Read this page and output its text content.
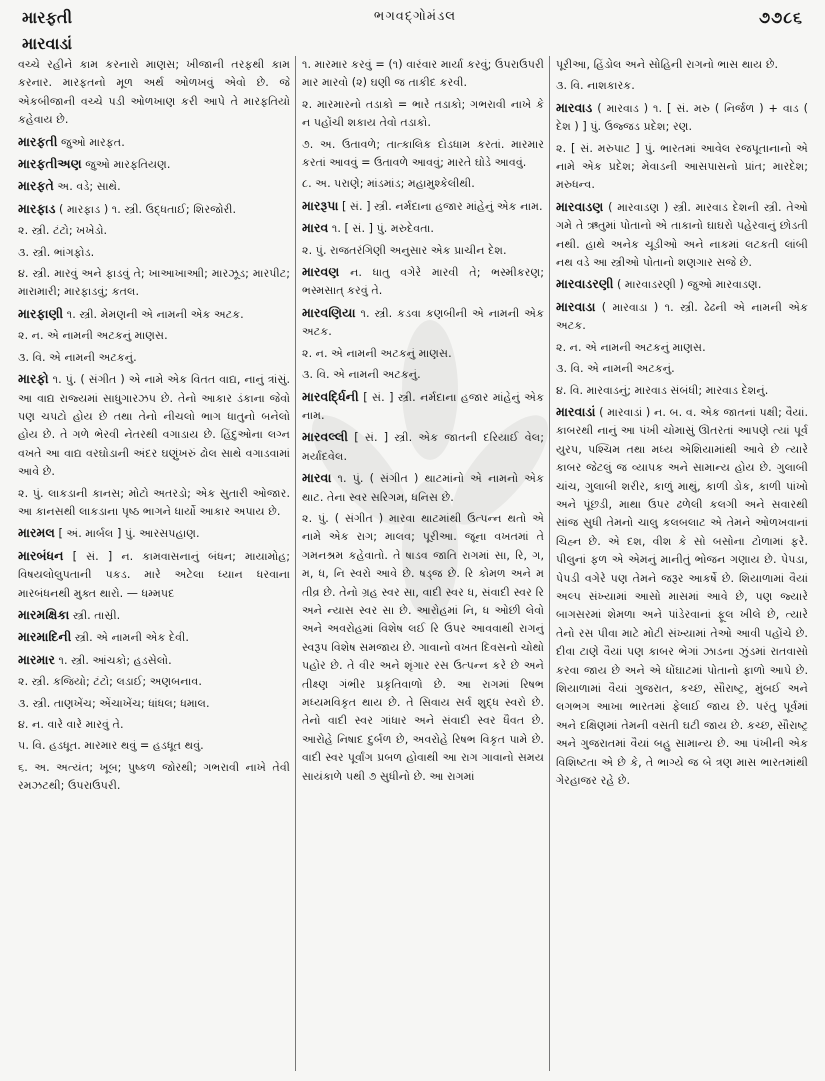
મારફતી	ભગવદ્ગોમંડલ	૭૭૮૬
મારવાડાં
વચ્ચે રહીને કામ કરનારો માણસ; ખીજાની તરફથી કામ કરનાર. મારફતનો મૂળ અર્થ ઓળખવું એવો છે. જે એકબીજાની વચ્ચે પડી ઓળખાણ કરી આપે તે મારફતિયો કહેવાય છે.
મારફતી જુઓ મારફત.
મારફતીઅણ જુઓ મારફતિયણ.
મારફતે અ. વડે; સાથે.
મારફાડ ( મારફાડ ) ૧. સ્ત્રી. ઉદ્ધતાઈ; શિરજોરી.
૨. સ્ત્રી. ટંટો; ખખેડો.
૩. સ્ત્રી. ભાંગફોડ.
૪. સ્ત્રી. મારવું અને ફાડવું તે; ખાઆખાઆી; મારઝૂડ; મારપીટ; મારામારી; મારફાડવું; કતલ.
મારફાણી ૧. સ્ત્રી. મેમણની એ નામની એક અટક.
૨. ન. એ નામની અટકનું માણસ.
૩. વિ. એ નામની અટકનું.
મારફો ૧. પું. ( સંગીત ) એ નામે એક વિતત વાદ્ય, નાનું ત્રાંસું. આ વાદ્ય રાજ્યમાં સાધુગારઝપ છે. તેનો આકાર ડંકાના જેવો પણ ચપટો હોય છે તથા તેનો નીચલો ભાગ ધાતુનો બનેલો હોય છે. તે ગળે ભેરવી નેતરથી વગાડાય છે. હિંદુઓના લગ્ન વખતે આ વાદ્ય વરઘોડાની અંદર ઘણુંખરું ઢોલ સાથે વગાડવામાં આવે છે.
૨. પું. લાકડાની કાનસ; મોટો અતરડો; એક સુતારી ઓજાર. આ કાનસથી લાકડાના પૃષ્ઠ ભાગને ધાર્યો આકાર અપાય છે.
મારમલ [ અં. માર્બલ ] પું. આરસપહાણ.
મારબંધન [ સં. ] ન. કામવાસનાનું બંધન; માયામોહ; વિષયલોલુપતાની પકડ. મારે અટેલા ધ્યાન ધરવાના મારબંધનથી મુક્ત થારો. — ધમ્મપદ
મારમક્ષિકા સ્ત્રી. તાસ્રી.
મારમાદિની સ્ત્રી. એ નામની એક દેવી.
મારમાર ૧. સ્ત્રી. આંચકો; હડસેલો.
૨. સ્ત્રી. કજિયો; ટંટો; લડાઈ; અણબનાવ.
૩. સ્ત્રી. તાણખેંચ; એંચાખેંચ; ધાંધલ; ધમાલ.
૪. ન. વારે વારે મારવું તે.
૫. વિ. હડધૂત. મારમાર થવું = હડધૂત થવું.
૬. અ. અત્યંત; ખૂબ; પુષ્કળ જોરથી; ગભરાવી નાખે તેવી રમઝટથી; ઉપરાઉપરી.
૧. મારમાર કરવું = (૧) વારંવાર માર્યા કરવું; ઉપરાઉપરી માર મારવો (૨) ઘણી જ તાકીદ કરવી.
૨. મારમારનો તડાકો = ભારે તડાકો; ગભરાવી નાખે કે ન પહોંચી શકાય તેવો તડાકો.
૭. અ. ઉતાવળે; તાત્કાલિક દોડધામ કરતાં. મારમાર કરતાં આવવું = ઉતાવળે આવવું; મારતે ઘોડે આવવું.
૮. અ. પરાણે; માંડમાંડ; મહામુશ્કેલીથી.
મારરૂપા [ સં. ] સ્ત્રી. નર્મદાના હજાર માંહેનું એક નામ.
મારવ ૧. [ સં. ] પું. મરુદેવતા.
૨. પું. રાજતરંગિણી અનુસાર એક પ્રાચીન દેશ.
મારવણ ન. ધાતુ વગેરે મારવી તે; ભસ્મીકરણ; ભસ્મસાત્ કરવું તે.
મારવણિયા ૧. સ્ત્રી. કડવા કણબીની એ નામની એક અટક.
૨. ન. એ નામની અટકનું માણસ.
૩. વિ. એ નામની અટકનું.
મારવર્દ્ધિની [ સં. ] સ્ત્રી. નર્મદાના હજાર માંહેનું એક નામ.
મારવલ્લી [ સં. ] સ્ત્રી. એક જાતની દરિયાઈ વેલ; મર્યાદવેલ.
મારવા ૧. પું. ( સંગીત ) થાટમાંનો એ નામનો એક થાટ. તેના સ્વર સરિગમ, ધનિસ છે.
૨. પું. ( સંગીત ) મારવા થાટમાંથી ઉત્પન્ન થતો એ નામે એક રાગ; માલવ; પૂરીઆ. જૂના વખતમાં તે ગમનશ્રમ કહેવાતો. તે ષાડવ જાતિ રાગમાં સા, રિ, ગ, મ, ધ, નિ સ્વરો આવે છે. ષડ્જ છે. રિ કોમળ અને મ તીવ્ર છે. તેનો ગ્રહ સ્વર સા, વાદી સ્વર ધ, સંવાદી સ્વર રિ અને ન્યાસ સ્વર સા છે. આરોહમાં નિ, ધ ઓછી લેવો અને અવરોહમાં વિશેષ લઈ રિ ઉપર આવવાથી રાગનું સ્વરૂપ વિશેષ સમજાય છે. ગાવાનો વખત દિવસનો ચોથો પહોર છે. તે વીર અને શૃંગાર રસ ઉત્પન્ન કરે છે અને તીક્ષ્ણ ગંભીર પ્રકૃતિવાળો છે. આ રાગમાં રિષભ મધ્યમવિકૃત થાય છે. તે સિવાય સર્વ શુદ્ધ સ્વરો છે. તેનો વાદી સ્વર ગાંધાર અને સંવાદી સ્વર ધૈવત છે. આરોહે નિષાદ દુર્બળ છે, અવરોહે રિષભ વિકૃત પામે છે. વાદી સ્વર પૂર્વાંગ પ્રબળ હોવાથી આ રાગ ગાવાનો સમય સાયંકાળે ૫થી ૭ સુધીનો છે. આ રાગમાં
પૂરીઆ, હિંડોલ અને સોહિની રાગનો ભાસ થાય છે.
૩. વિ. નાશકારક.
મારવાડ ( મારવાડ ) ૧. [ સં. મરુ ( નિર્જળ ) + વાડ ( દેશ ) ] પું. ઉજ્જડ પ્રદેશ; રણ.
૨. [ સં. મરુપાટ ] પું. ભારતમાં આવેલ રજપૂતાનાનો એ નામે એક પ્રદેશ; મેવાડની આસપાસનો પ્રાંત; મારદેશ; મરુધન્વ.
મારવાડણ ( મારવાડણ ) સ્ત્રી. મારવાડ દેશની સ્ત્રી. તેઓ ગમે તે ઋતુમાં પોતાનો એ તાકાનો ઘાઘરો પહેરવાનું છોડતી નથી. હાથે અનેક ચૂડીઓ અને નાકમાં લટકતી લાંબી નથ વડે આ સ્ત્રીઓ પોતાનો શણગાર સજે છે.
મારવાડરણી ( મારવાડરણી ) જુઓ મારવાડણ.
મારવાડા ( મારવાડા ) ૧. સ્ત્રી. ઢેઢની એ નામની એક અટક.
૨. ન. એ નામની અટકનું માણસ.
૩. વિ. એ નામની અટકનું.
૪. વિ. મારવાડનું; મારવાડ સંબંધી; મારવાડ દેશનું.
મારવાડાં ( મારવાડાં ) ન. બ. વ. એક જાતનાં પક્ષી; વૈયાં. કાબરથી નાનું આ પંખી ચોમાસું ઊતરતાં આપણે ત્યાં પૂર્વ યુરપ, પશ્ચિમ તથા મધ્ય એશિયામાંથી આવે છે ત્યારે કાબર જેટલું જ વ્યાપક અને સામાન્ય હોય છે. ગુલાબી ચાંચ, ગુલાબી શરીર, કાળું માથું, કાળી ડોક, કાળી પાંખો અને પૂંછડી, માથા ઉપર ઢળેલી કલગી અને સવારથી સાંજ સુધી તેમનો ચાલુ કલબલાટ એ તેમને ઓળખવાનાં ચિહ્ન છે. એ દશ, વીશ કે સો બસોના ટોળામાં ફરે. પીલુનાં ફળ એ એમનું માનીતું ભોજન ગણાય છે. પેપડા, પેપડી વગેરે પણ તેમને જરૂર આકર્ષે છે. શિયાળામાં વૈયાં અલ્પ સંખ્યામાં આસો માસમાં આવે છે, પણ જ્યારે બાગસરમાં શેમળા અને પાંડેરવાનાં ફૂલ ખીલે છે, ત્યારે તેનો રસ પીવા માટે મોટી સંખ્યામાં તેઓ આવી પહોંચે છે. દીવા ટાણે વૈયાં પણ કાબર ભેગાં ઝાડના ઝુંડમાં રાતવાસો કરવા જાય છે અને એ ધોંઘાટમાં પોતાનો ફાળો આપે છે. શિયાળામાં વૈયાં ગુજરાત, કચ્છ, સૌરાષ્ટ્ર, મુંબઈ અને લગભગ આખા ભારતમાં ફેલાઈ જાય છે. પરંતુ પૂર્વમાં અને દક્ષિણમાં તેમની વસતી ઘટી જાય છે. કચ્છ, સૌરાષ્ટ્ર અને ગુજરાતમાં વૈયાં બહુ સામાન્ય છે. આ પંખીની એક વિશિષ્ટતા એ છે કે, તે ભાગ્યે જ બે ત્રણ માસ ભારતમાંથી ગેરહાજર રહે છે.
